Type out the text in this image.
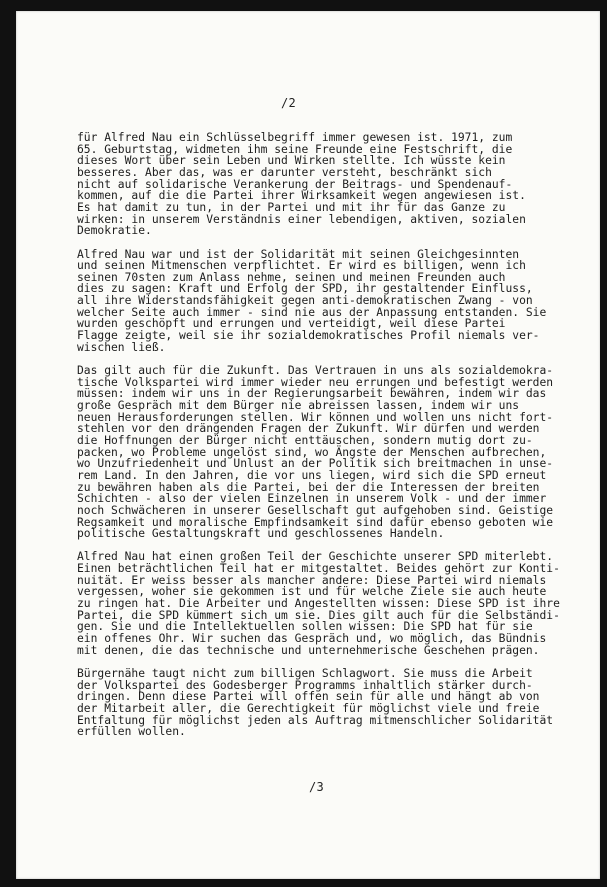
/2
für Alfred Nau ein Schlüsselbegriff immer gewesen ist. 1971, zum
65. Geburtstag, widmeten ihm seine Freunde eine Festschrift, die
dieses Wort über sein Leben und Wirken stellte. Ich wüsste kein
besseres. Aber das, was er darunter versteht, beschränkt sich
nicht auf solidarische Verankerung der Beitrags- und Spendenauf-
kommen, auf die die Partei ihrer Wirksamkeit wegen angewiesen ist.
Es hat damit zu tun, in der Partei und mit ihr für das Ganze zu
wirken: in unserem Verständnis einer lebendigen, aktiven, sozialen
Demokratie.
Alfred Nau war und ist der Solidarität mit seinen Gleichgesinnten
und seinen Mitmenschen verpflichtet. Er wird es billigen, wenn ich
seinen 70sten zum Anlass nehme, seinen und meinen Freunden auch
dies zu sagen: Kraft und Erfolg der SPD, ihr gestaltender Einfluss,
all ihre Widerstandsfähigkeit gegen anti-demokratischen Zwang - von
welcher Seite auch immer - sind nie aus der Anpassung entstanden. Sie
wurden geschöpft und errungen und verteidigt, weil diese Partei
Flagge zeigte, weil sie ihr sozialdemokratisches Profil niemals ver-
wischen ließ.
Das gilt auch für die Zukunft. Das Vertrauen in uns als sozialdemokra-
tische Volkspartei wird immer wieder neu errungen und befestigt werden
müssen: indem wir uns in der Regierungsarbeit bewähren, indem wir das
große Gespräch mit dem Bürger nie abreissen lassen, indem wir uns
neuen Herausforderungen stellen. Wir können und wollen uns nicht fort-
stehlen vor den drängenden Fragen der Zukunft. Wir dürfen und werden
die Hoffnungen der Bürger nicht enttäuschen, sondern mutig dort zu-
packen, wo Probleme ungelöst sind, wo Ängste der Menschen aufbrechen,
wo Unzufriedenheit und Unlust an der Politik sich breitmachen in unse-
rem Land. In den Jahren, die vor uns liegen, wird sich die SPD erneut
zu bewähren haben als die Partei, bei der die Interessen der breiten
Schichten - also der vielen Einzelnen in unserem Volk - und der immer
noch Schwächeren in unserer Gesellschaft gut aufgehoben sind. Geistige
Regsamkeit und moralische Empfindsamkeit sind dafür ebenso geboten wie
politische Gestaltungskraft und geschlossenes Handeln.
Alfred Nau hat einen großen Teil der Geschichte unserer SPD miterlebt.
Einen beträchtlichen Teil hat er mitgestaltet. Beides gehört zur Konti-
nuität. Er weiss besser als mancher andere: Diese Partei wird niemals
vergessen, woher sie gekommen ist und für welche Ziele sie auch heute
zu ringen hat. Die Arbeiter und Angestellten wissen: Diese SPD ist ihre
Partei, die SPD kümmert sich um sie. Dies gilt auch für die Selbständi-
gen. Sie und die Intellektuellen sollen wissen: Die SPD hat für sie
ein offenes Ohr. Wir suchen das Gespräch und, wo möglich, das Bündnis
mit denen, die das technische und unternehmerische Geschehen prägen.
Bürgernähe taugt nicht zum billigen Schlagwort. Sie muss die Arbeit
der Volkspartei des Godesberger Programms inhaltlich stärker durch-
dringen. Denn diese Partei will offen sein für alle und hängt ab von
der Mitarbeit aller, die Gerechtigkeit für möglichst viele und freie
Entfaltung für möglichst jeden als Auftrag mitmenschlicher Solidarität
erfüllen wollen.
/3
